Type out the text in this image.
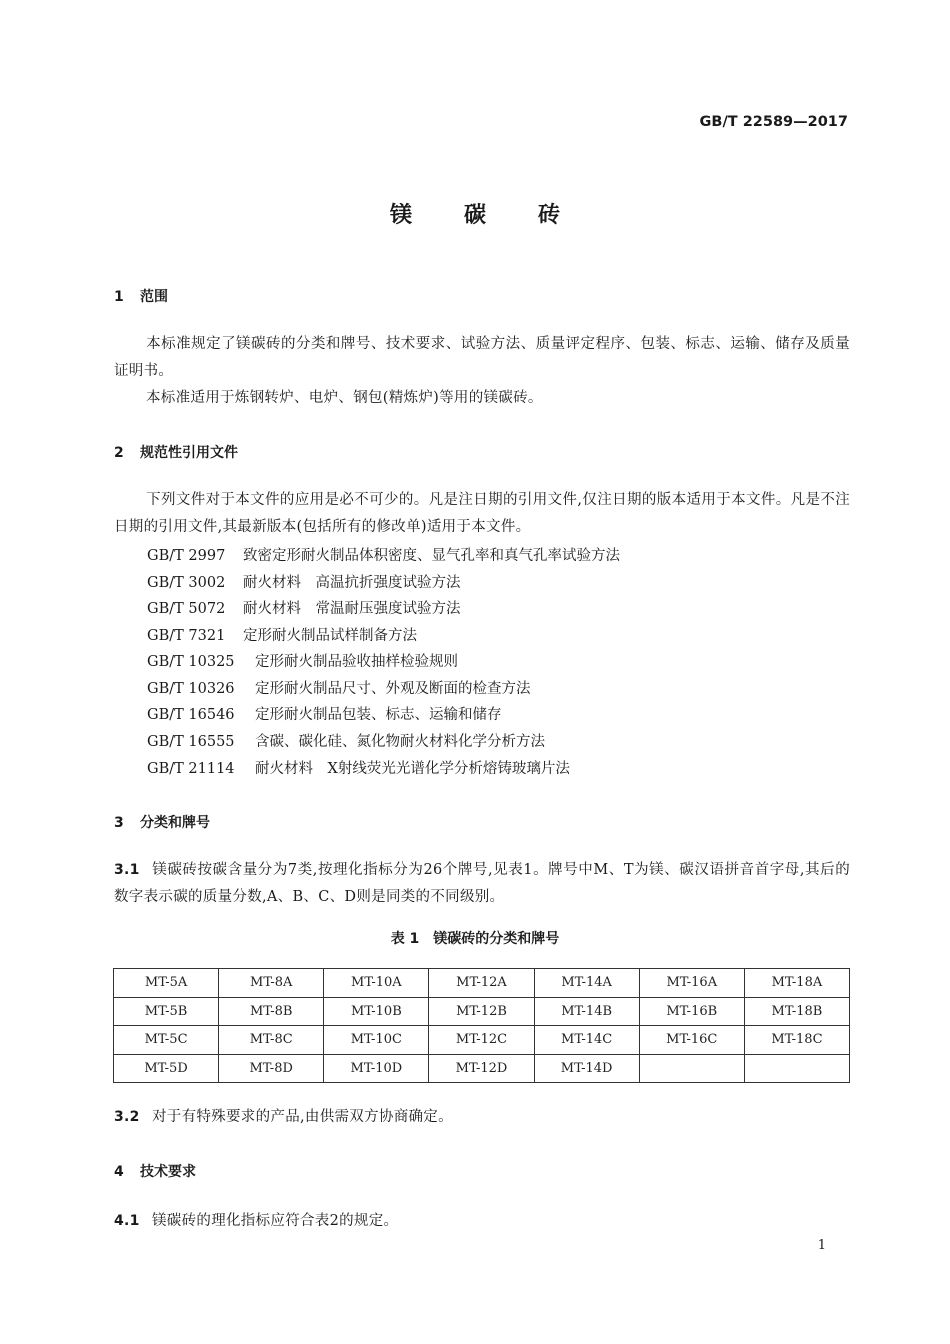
GB/T 22589—2017
镁 碳 砖
1 范围
本标准规定了镁碳砖的分类和牌号、技术要求、试验方法、质量评定程序、包装、标志、运输、储存及质量证明书。
本标准适用于炼钢转炉、电炉、钢包(精炼炉)等用的镁碳砖。
2 规范性引用文件
下列文件对于本文件的应用是必不可少的。凡是注日期的引用文件,仅注日期的版本适用于本文件。凡是不注日期的引用文件,其最新版本(包括所有的修改单)适用于本文件。
GB/T 2997 致密定形耐火制品体积密度、显气孔率和真气孔率试验方法
GB/T 3002 耐火材料　高温抗折强度试验方法
GB/T 5072 耐火材料　常温耐压强度试验方法
GB/T 7321 定形耐火制品试样制备方法
GB/T 10325 定形耐火制品验收抽样检验规则
GB/T 10326 定形耐火制品尺寸、外观及断面的检查方法
GB/T 16546 定形耐火制品包装、标志、运输和储存
GB/T 16555 含碳、碳化硅、氮化物耐火材料化学分析方法
GB/T 21114 耐火材料　X射线荧光光谱化学分析熔铸玻璃片法
3 分类和牌号
3.1 镁碳砖按碳含量分为7类,按理化指标分为26个牌号,见表1。牌号中M、T为镁、碳汉语拼音首字母,其后的数字表示碳的质量分数,A、B、C、D则是同类的不同级别。
表 1　镁碳砖的分类和牌号
MT-5A	MT-8A	MT-10A	MT-12A	MT-14A	MT-16A	MT-18A
MT-5B	MT-8B	MT-10B	MT-12B	MT-14B	MT-16B	MT-18B
MT-5C	MT-8C	MT-10C	MT-12C	MT-14C	MT-16C	MT-18C
MT-5D	MT-8D	MT-10D	MT-12D	MT-14D		
3.2 对于有特殊要求的产品,由供需双方协商确定。
4 技术要求
4.1 镁碳砖的理化指标应符合表2的规定。
1
